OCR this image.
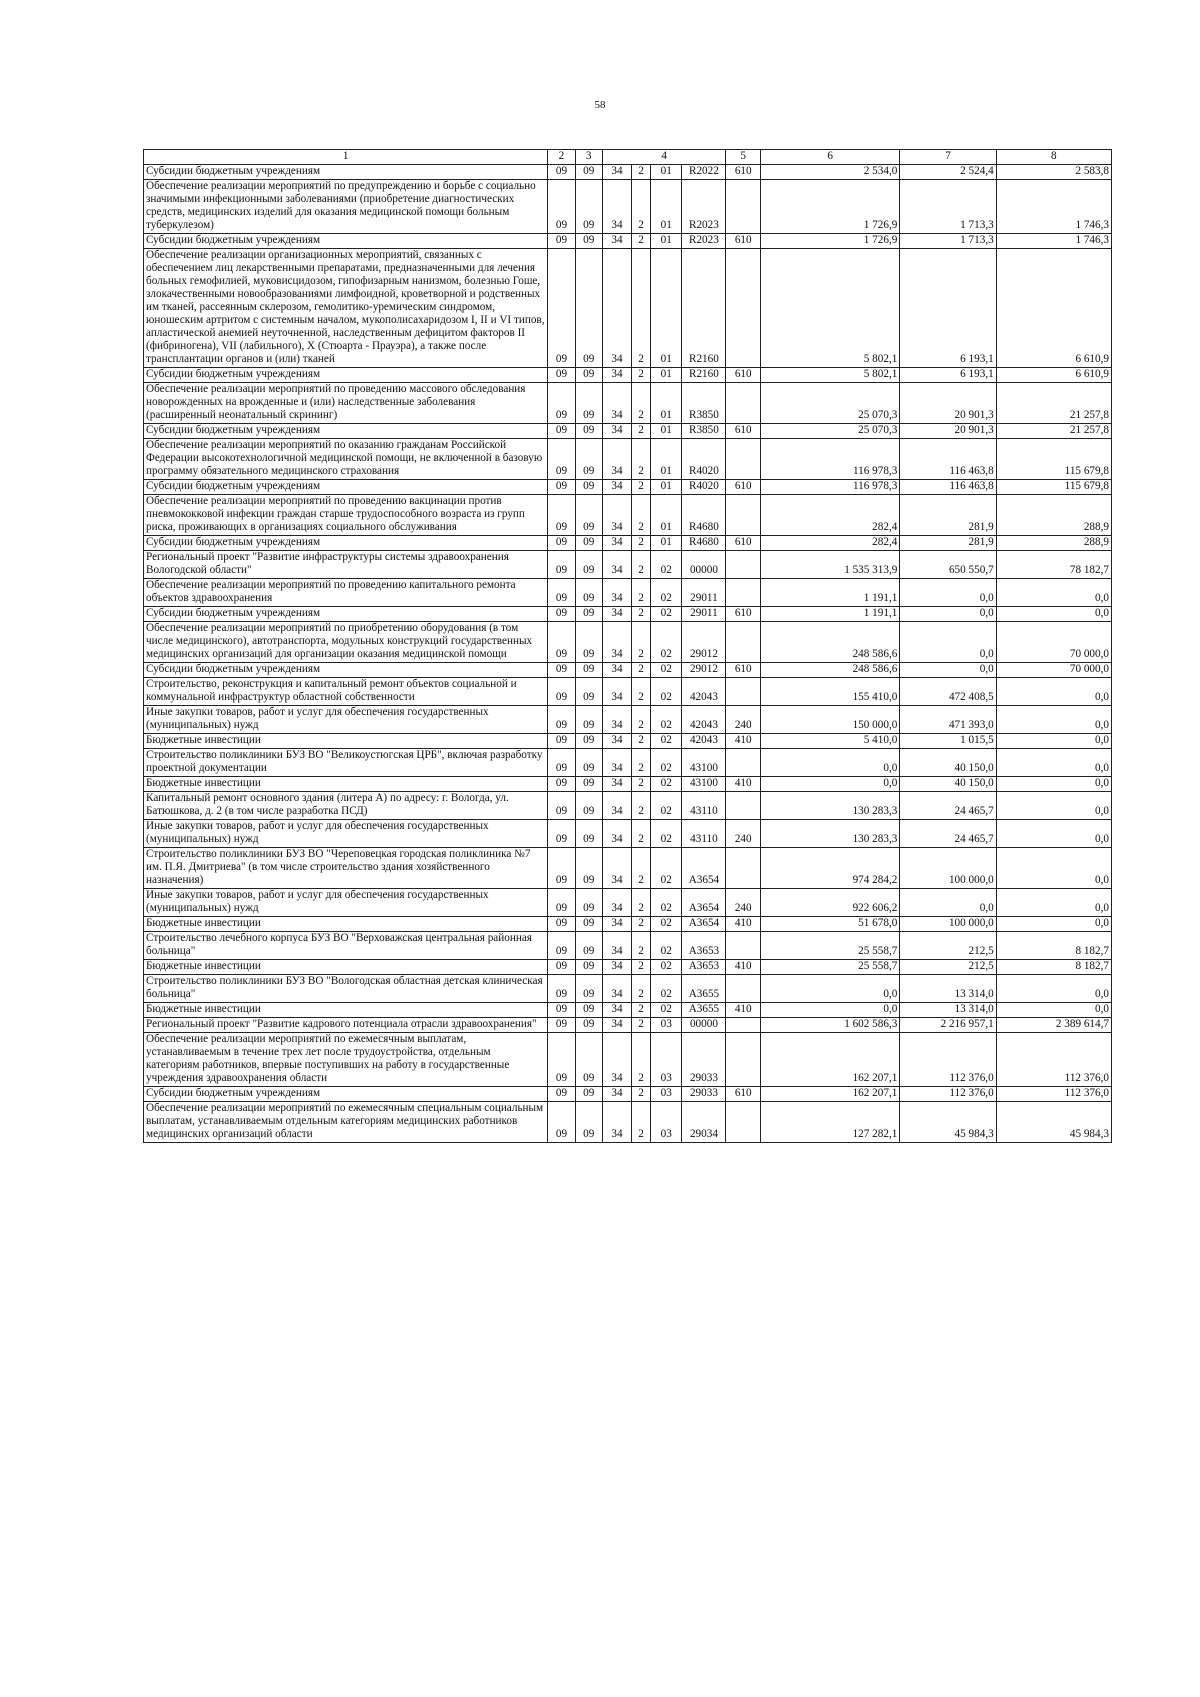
58
1	2	3	4				5	6	7	8
Субсидии бюджетным учреждениям	09	09	34	2	01	R2022	610	2 534,0	2 524,4	2 583,8
Обеспечение реализации мероприятий по предупреждению и борьбе с социально значимыми инфекционными заболеваниями (приобретение диагностических средств, медицинских изделий для оказания медицинской помощи больным туберкулезом)	09	09	34	2	01	R2023		1 726,9	1 713,3	1 746,3
Субсидии бюджетным учреждениям	09	09	34	2	01	R2023	610	1 726,9	1 713,3	1 746,3
Обеспечение реализации организационных мероприятий, связанных с обеспечением лиц лекарственными препаратами, предназначенными для лечения больных гемофилией, муковисцидозом, гипофизарным нанизмом, болезнью Гоше, злокачественными новообразованиями лимфоидной, кроветворной и родственных им тканей, рассеянным склерозом, гемолитико-уремическим синдромом, юношеским артритом с системным началом, мукополисахаридозом I, II и VI типов, апластической анемией неуточненной, наследственным дефицитом факторов II (фибриногена), VII (лабильного), X (Стюарта - Прауэра), а также после трансплантации органов и (или) тканей	09	09	34	2	01	R2160		5 802,1	6 193,1	6 610,9
Субсидии бюджетным учреждениям	09	09	34	2	01	R2160	610	5 802,1	6 193,1	6 610,9
Обеспечение реализации мероприятий по проведению массового обследования новорожденных на врожденные и (или) наследственные заболевания (расширенный неонатальный скрининг)	09	09	34	2	01	R3850		25 070,3	20 901,3	21 257,8
Субсидии бюджетным учреждениям	09	09	34	2	01	R3850	610	25 070,3	20 901,3	21 257,8
Обеспечение реализации мероприятий по оказанию гражданам Российской Федерации высокотехнологичной медицинской помощи, не включенной в базовую программу обязательного медицинского страхования	09	09	34	2	01	R4020		116 978,3	116 463,8	115 679,8
Субсидии бюджетным учреждениям	09	09	34	2	01	R4020	610	116 978,3	116 463,8	115 679,8
Обеспечение реализации мероприятий по проведению вакцинации против пневмококковой инфекции граждан старше трудоспособного возраста из групп риска, проживающих в организациях социального обслуживания	09	09	34	2	01	R4680		282,4	281,9	288,9
Субсидии бюджетным учреждениям	09	09	34	2	01	R4680	610	282,4	281,9	288,9
Региональный проект "Развитие инфраструктуры системы здравоохранения Вологодской области"	09	09	34	2	02	00000		1 535 313,9	650 550,7	78 182,7
Обеспечение реализации мероприятий по проведению капитального ремонта объектов здравоохранения	09	09	34	2	02	29011		1 191,1	0,0	0,0
Субсидии бюджетным учреждениям	09	09	34	2	02	29011	610	1 191,1	0,0	0,0
Обеспечение реализации мероприятий по приобретению оборудования (в том числе медицинского), автотранспорта, модульных конструкций государственных медицинских организаций для организации оказания медицинской помощи	09	09	34	2	02	29012		248 586,6	0,0	70 000,0
Субсидии бюджетным учреждениям	09	09	34	2	02	29012	610	248 586,6	0,0	70 000,0
Строительство, реконструкция и капитальный ремонт объектов социальной и коммунальной инфраструктур областной собственности	09	09	34	2	02	42043		155 410,0	472 408,5	0,0
Иные закупки товаров, работ и услуг для обеспечения государственных (муниципальных) нужд	09	09	34	2	02	42043	240	150 000,0	471 393,0	0,0
Бюджетные инвестиции	09	09	34	2	02	42043	410	5 410,0	1 015,5	0,0
Строительство поликлиники БУЗ ВО "Великоустюгская ЦРБ", включая разработку проектной документации	09	09	34	2	02	43100		0,0	40 150,0	0,0
Бюджетные инвестиции	09	09	34	2	02	43100	410	0,0	40 150,0	0,0
Капитальный ремонт основного здания (литера А) по адресу: г. Вологда, ул. Батюшкова, д. 2 (в том числе разработка ПСД)	09	09	34	2	02	43110		130 283,3	24 465,7	0,0
Иные закупки товаров, работ и услуг для обеспечения государственных (муниципальных) нужд	09	09	34	2	02	43110	240	130 283,3	24 465,7	0,0
Строительство поликлиники БУЗ ВО "Череповецкая городская поликлиника №7 им. П.Я. Дмитриева" (в том числе строительство здания хозяйственного назначения)	09	09	34	2	02	А3654		974 284,2	100 000,0	0,0
Иные закупки товаров, работ и услуг для обеспечения государственных (муниципальных) нужд	09	09	34	2	02	А3654	240	922 606,2	0,0	0,0
Бюджетные инвестиции	09	09	34	2	02	А3654	410	51 678,0	100 000,0	0,0
Строительство лечебного корпуса БУЗ ВО "Верховажская центральная районная больница"	09	09	34	2	02	А3653		25 558,7	212,5	8 182,7
Бюджетные инвестиции	09	09	34	2	02	А3653	410	25 558,7	212,5	8 182,7
Строительство поликлиники БУЗ ВО "Вологодская областная детская клиническая больница"	09	09	34	2	02	А3655		0,0	13 314,0	0,0
Бюджетные инвестиции	09	09	34	2	02	А3655	410	0,0	13 314,0	0,0
Региональный проект "Развитие кадрового потенциала отрасли здравоохранения"	09	09	34	2	03	00000		1 602 586,3	2 216 957,1	2 389 614,7
Обеспечение реализации мероприятий по ежемесячным выплатам, устанавливаемым в течение трех лет после трудоустройства, отдельным категориям работников, впервые поступивших на работу в государственные учреждения здравоохранения области	09	09	34	2	03	29033		162 207,1	112 376,0	112 376,0
Субсидии бюджетным учреждениям	09	09	34	2	03	29033	610	162 207,1	112 376,0	112 376,0
Обеспечение реализации мероприятий по ежемесячным специальным социальным выплатам, устанавливаемым отдельным категориям медицинских работников медицинских организаций области	09	09	34	2	03	29034		127 282,1	45 984,3	45 984,3
